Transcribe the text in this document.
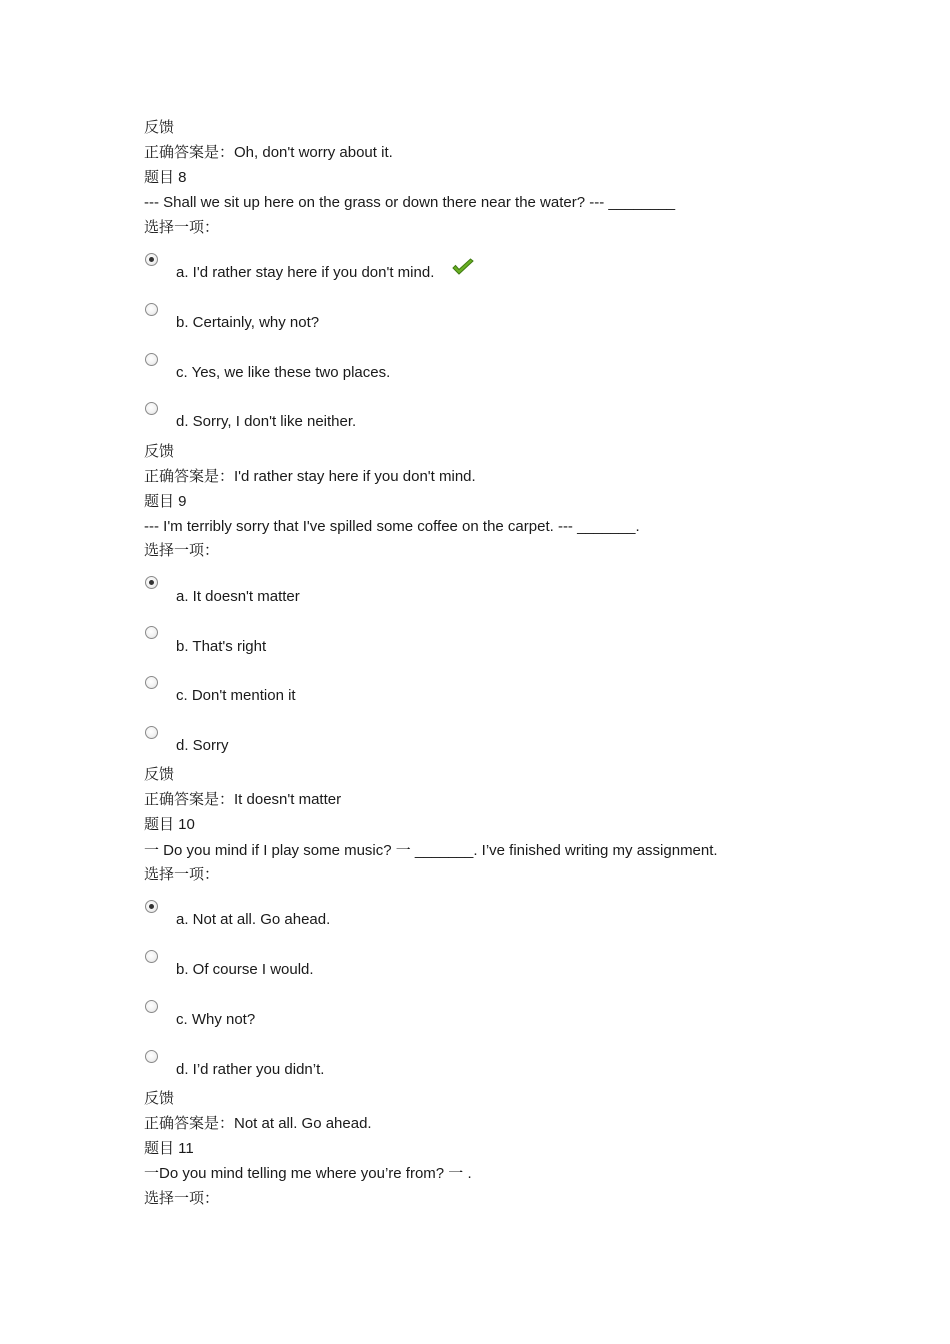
反馈
正确答案是：Oh, don't worry about it.
题目 8
--- Shall we sit up here on the grass or down there near the water? --- ________
选择一项：
a. I'd rather stay here if you don't mind.
b. Certainly, why not?
c. Yes, we like these two places.
d. Sorry, I don't like neither.
反馈
正确答案是：I'd rather stay here if you don't mind.
题目 9
--- I'm terribly sorry that I've spilled some coffee on the carpet. --- _______.
选择一项：
a. It doesn't matter
b. That's right
c. Don't mention it
d. Sorry
反馈
正确答案是：It doesn't matter
题目 10
一 Do you mind if I play some music? 一 _______. I’ve finished writing my assignment.
选择一项：
a. Not at all. Go ahead.
b. Of course I would.
c. Why not?
d. I’d rather you didn’t.
反馈
正确答案是：Not at all. Go ahead.
题目 11
一Do you mind telling me where you’re from? 一 .
选择一项：
